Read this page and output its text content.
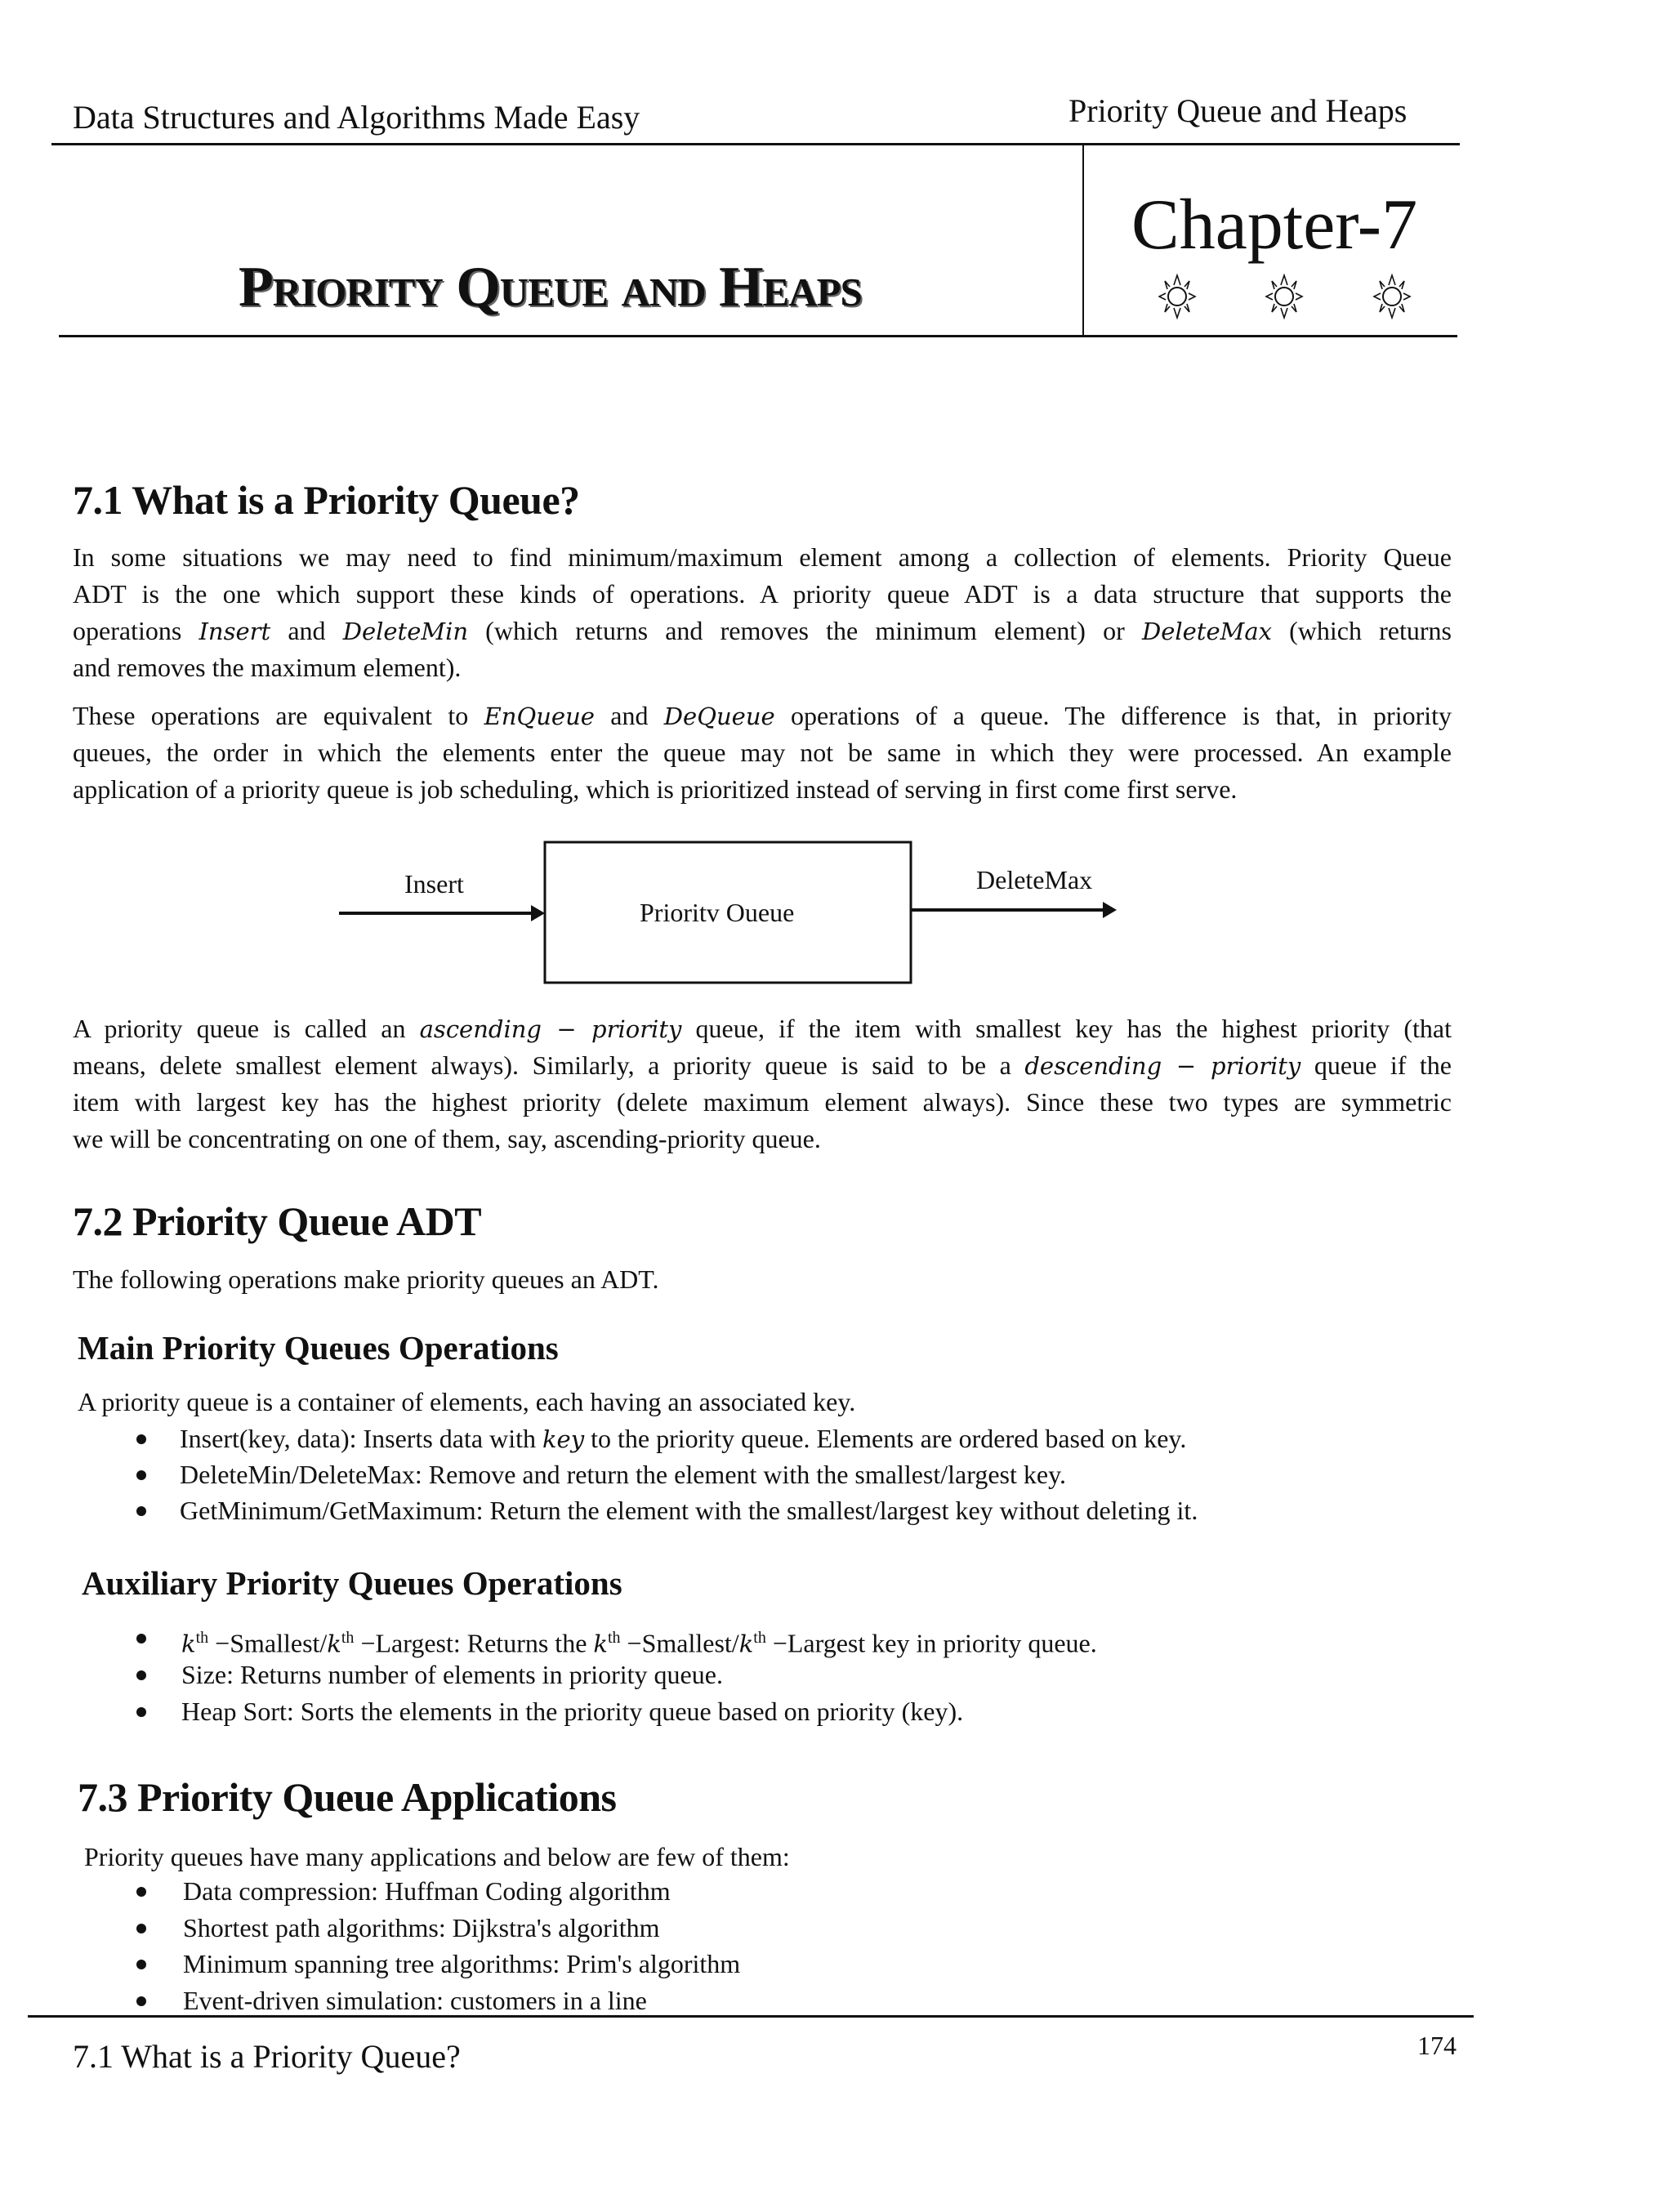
Data Structures and Algorithms Made Easy	Priority Queue and Heaps
Priority Queue and Heaps
Chapter-7
7.1 What is a Priority Queue?
In some situations we may need to find minimum/maximum element among a collection of elements. Priority Queue
ADT is the one which support these kinds of operations. A priority queue ADT is a data structure that supports the
operations Insert and DeleteMin (which returns and removes the minimum element) or DeleteMax (which returns
and removes the maximum element).
These operations are equivalent to EnQueue and DeQueue operations of a queue. The difference is that, in priority
queues, the order in which the elements enter the queue may not be same in which they were processed. An example
application of a priority queue is job scheduling, which is prioritized instead of serving in first come first serve.
Insert
Prioritv Oueue
DeleteMax
A priority queue is called an ascending − priority queue, if the item with smallest key has the highest priority (that
means, delete smallest element always). Similarly, a priority queue is said to be a descending − priority queue if the
item with largest key has the highest priority (delete maximum element always). Since these two types are symmetric
we will be concentrating on one of them, say, ascending-priority queue.
7.2 Priority Queue ADT
The following operations make priority queues an ADT.
Main Priority Queues Operations
A priority queue is a container of elements, each having an associated key.
Auxiliary Priority Queues Operations
7.3 Priority Queue Applications
Priority queues have many applications and below are few of them:
7.1 What is a Priority Queue?	174
Insert(key, data): Inserts data with key to the priority queue. Elements are ordered based on key.
DeleteMin/DeleteMax: Remove and return the element with the smallest/largest key.
GetMinimum/GetMaximum: Return the element with the smallest/largest key without deleting it.
$k^{th}$ $-Smallest/k^{th}$ −Largest: Returns the $k^{th}$ $-Smallest/k^{th}$ −Largest key in priority queue.
Size: Returns number of elements in priority queue.
Heap Sort: Sorts the elements in the priority queue based on priority (key).
Data compression: Huffman Coding algorithm
Shortest path algorithms: Dijkstra's algorithm
Minimum spanning tree algorithms: Prim's algorithm
Event-driven simulation: customers in a line
